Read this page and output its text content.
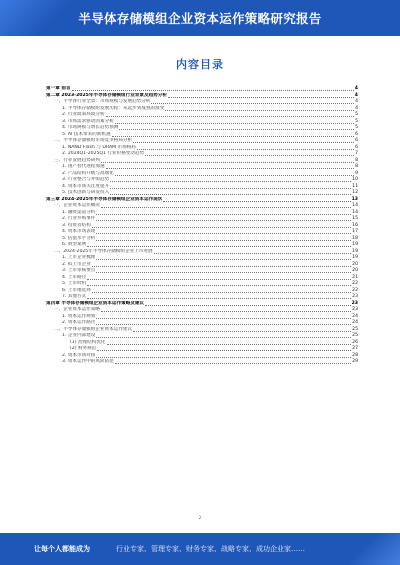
半导体存储模组企业资本运作策略研究报告
内容目录
第一章 前言	4
第二章 2023-2025年半导体存储模组行业背景及趋势分析	4
一、半导体行业全景：市场规模与发展趋势分析	4
1. 半导体存储模组发展历程：从起步到成熟的演变	4
2. 行业政策环境分析	5
3. 市场需求驱动因素分析	5
4. 市场规模与增长趋势预测	5
5. AI 技术带来的新机遇	6
二、半导体存储模组市场竞争格局分析	6
1. NAND Flash 与 DRAM 市场格局	6
2. 2024Q1-2025Q1 行业价格变动趋势	7
三、行业发展趋势研判	8
1. 国产替代进程加速	8
2. 产品结构升级与高端化	9
3. 行业整合与并购趋势	10
4. 资本市场关注度提升	11
5. 技术创新与研发投入	12
第三章 2024-2025年半导体存储模组企业资本运作现状	13
一、企业资本运作概况	14
1. 融资渠道分析	14
2. 行业并购事件	15
3. 投资者结构	16
4. 资本市场表现	17
5. 估值水平分析	18
6. 典型案例	19
二、2024-2025年半导体存储模组企业上市进展	19
1. 上市企业梳理	19
2. 拟上市企业	20
3. 上市审核要点	20
4. 上市路径	21
5. 上市时机	22
6. 上市地选择	22
7. 其他方式	23
第四章 半导体存储模组企业资本运作策略及建议	23
一、企业资本运作策略	23
1. 资本运作规划	24
2. 资本运作路径	24
二、半导体存储模组企业资本运作建议	25
1. 企业内部建设	25
(1) 治理结构优化	26
(2) 财务规范	27
2. 资本市场对接	28
3. 资本运作中的风险防范	29
2
让每个人都能成为	行业专家、管理专家、财务专家、战略专家、成功企业家……
